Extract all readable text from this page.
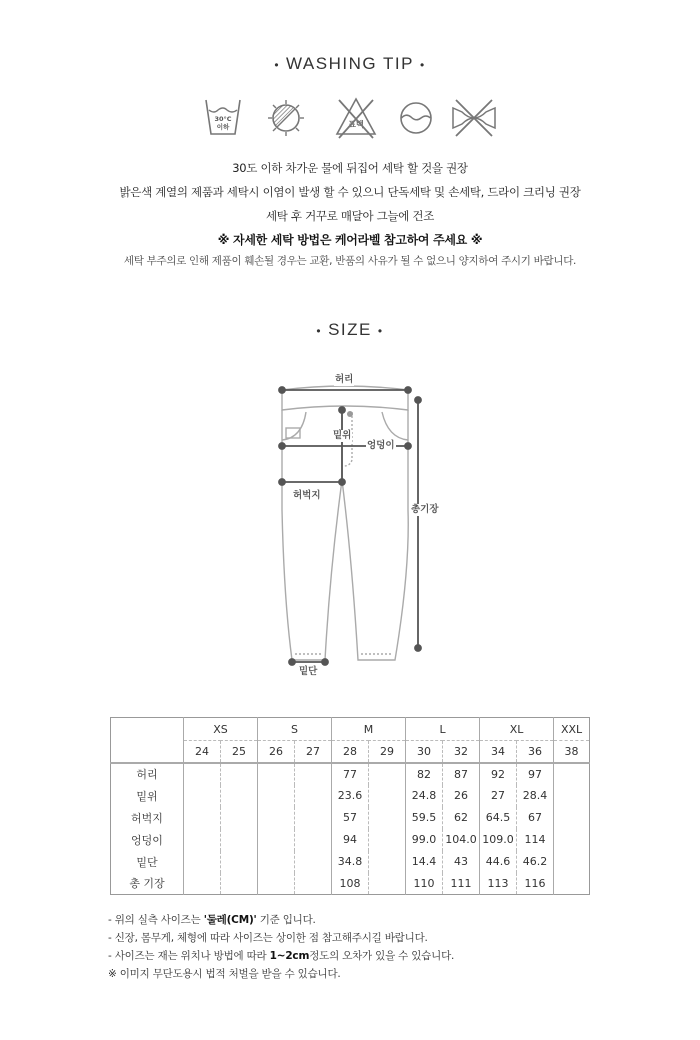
• WASHING TIP •
30°C
이하	표백
30도 이하 차가운 물에 뒤집어 세탁 할 것을 권장
밝은색 계열의 제품과 세탁시 이염이 발생 할 수 있으니 단독세탁 및 손세탁, 드라이 크리닝 권장
세탁 후 거꾸로 매달아 그늘에 건조
※ 자세한 세탁 방법은 케어라벨 참고하여 주세요 ※
세탁 부주의로 인해 제품이 훼손될 경우는 교환, 반품의 사유가 될 수 없으니 양지하여 주시기 바랍니다.
• SIZE •
허리
밑위
엉덩이
허벅지
총기장
밑단
	XS		S		M		L		XL		XXL
	24	25	26	27	28	29	30	32	34	36	38
허리					77		82	87	92	97	
밑위					23.6		24.8	26	27	28.4	
허벅지					57		59.5	62	64.5	67	
엉덩이					94		99.0	104.0	109.0	114	
밑단					34.8		14.4	43	44.6	46.2	
총 기장					108		110	111	113	116	
- 위의 실측 사이즈는 '둘레(CM)' 기준 입니다.
- 신장, 몸무게, 체형에 따라 사이즈는 상이한 점 참고해주시길 바랍니다.
- 사이즈는 재는 위치나 방법에 따라 1~2cm정도의 오차가 있을 수 있습니다.
※ 이미지 무단도용시 법적 처벌을 받을 수 있습니다.
